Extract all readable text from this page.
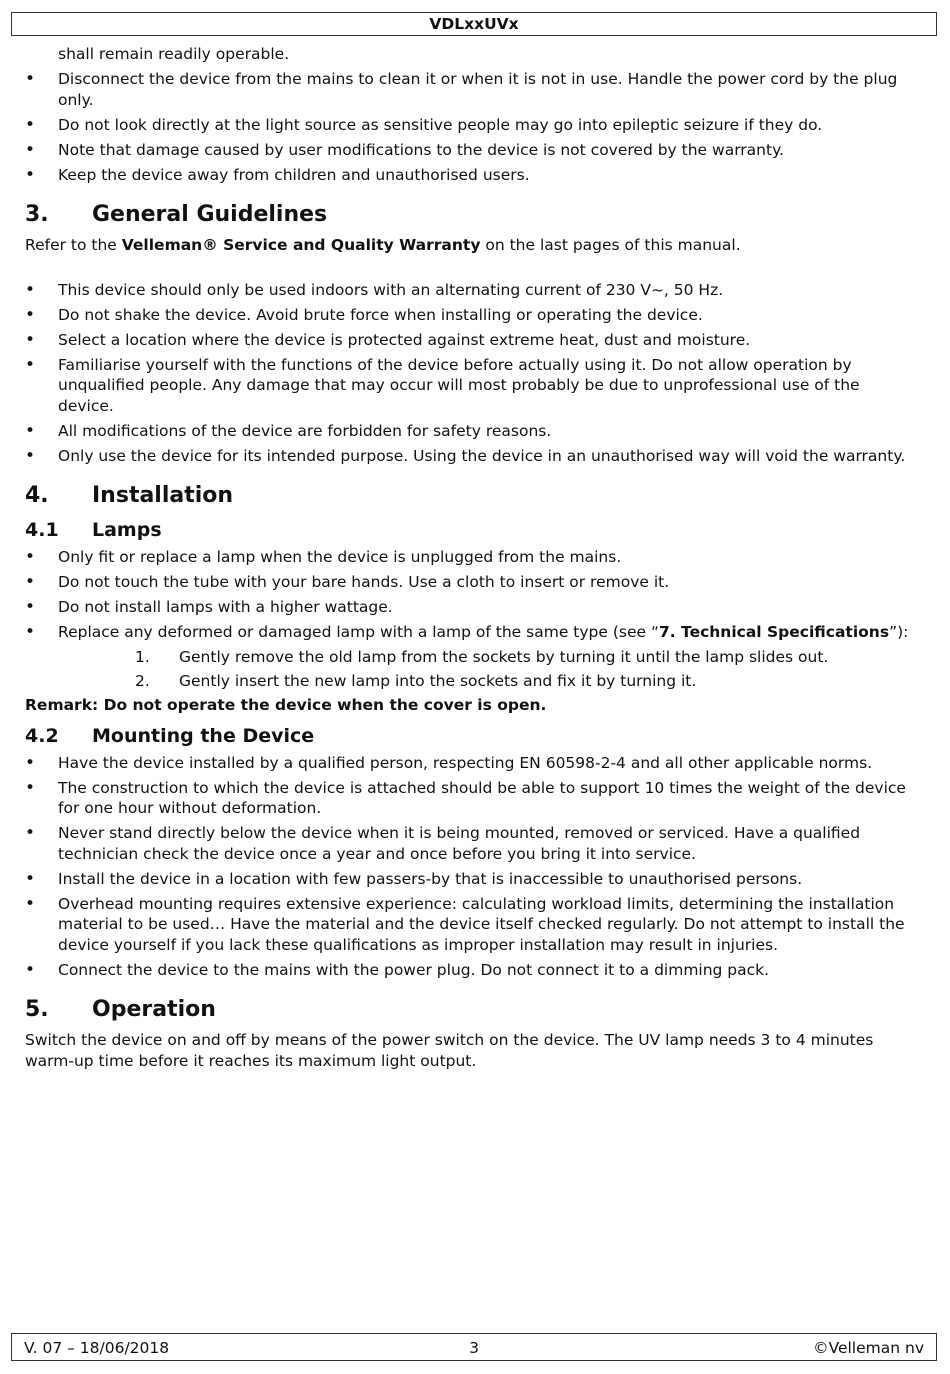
VDLxxUVx
shall remain readily operable.
• Disconnect the device from the mains to clean it or when it is not in use. Handle the power cord by the plug only.
• Do not look directly at the light source as sensitive people may go into epileptic seizure if they do.
• Note that damage caused by user modifications to the device is not covered by the warranty.
• Keep the device away from children and unauthorised users.
3.	General Guidelines

Refer to the Velleman® Service and Quality Warranty on the last pages of this manual.

• This device should only be used indoors with an alternating current of 230 V~, 50 Hz.
• Do not shake the device. Avoid brute force when installing or operating the device.
• Select a location where the device is protected against extreme heat, dust and moisture.
• Familiarise yourself with the functions of the device before actually using it. Do not allow operation by unqualified people. Any damage that may occur will most probably be due to unprofessional use of the device.
• All modifications of the device are forbidden for safety reasons.
• Only use the device for its intended purpose. Using the device in an unauthorised way will void the warranty.
4.	Installation
4.1	Lamps
• Only fit or replace a lamp when the device is unplugged from the mains.
• Do not touch the tube with your bare hands. Use a cloth to insert or remove it.
• Do not install lamps with a higher wattage.
• Replace any deformed or damaged lamp with a lamp of the same type (see “7. Technical Specifications”):
1.	Gently remove the old lamp from the sockets by turning it until the lamp slides out.
2.	Gently insert the new lamp into the sockets and fix it by turning it.

Remark: Do not operate the device when the cover is open.

4.2	Mounting the Device
• Have the device installed by a qualified person, respecting EN 60598-2-4 and all other applicable norms.
• The construction to which the device is attached should be able to support 10 times the weight of the device for one hour without deformation.
• Never stand directly below the device when it is being mounted, removed or serviced. Have a qualified technician check the device once a year and once before you bring it into service.
• Install the device in a location with few passers-by that is inaccessible to unauthorised persons.
• Overhead mounting requires extensive experience: calculating workload limits, determining the installation material to be used… Have the material and the device itself checked regularly. Do not attempt to install the device yourself if you lack these qualifications as improper installation may result in injuries.
• Connect the device to the mains with the power plug. Do not connect it to a dimming pack.
5.	Operation

Switch the device on and off by means of the power switch on the device. The UV lamp needs 3 to 4 minutes warm-up time before it reaches its maximum light output.

V. 07 – 18/06/2018	3	©Velleman nv
